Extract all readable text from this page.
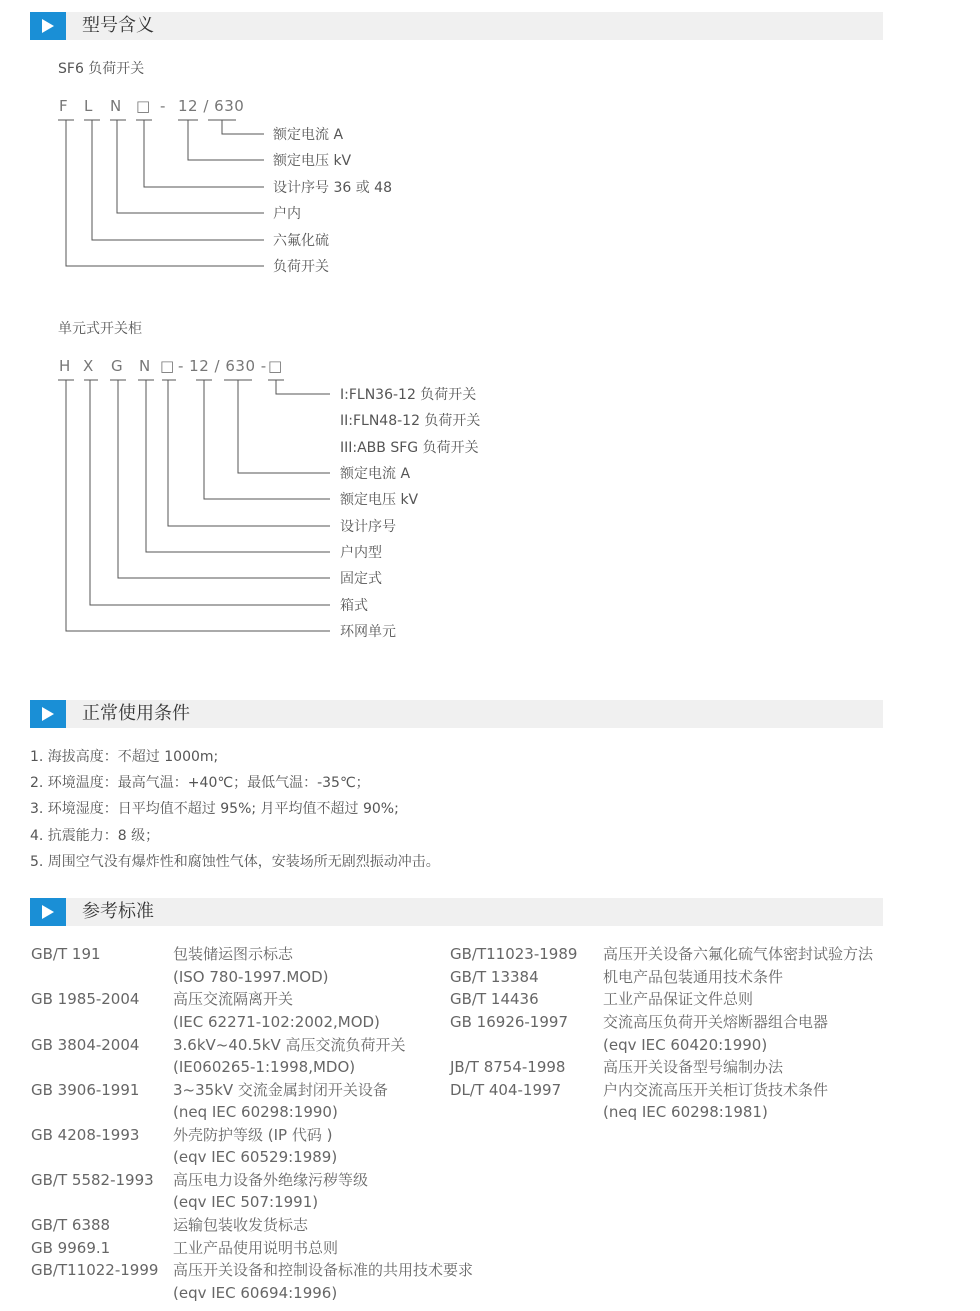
型号含义
SF6 负荷开关
F L N □ - 12 / 630
额定电流 A
额定电压 kV
设计序号 36 或 48
户内
六氟化硫
负荷开关
单元式开关柜
H X G N □ - 12 / 630 - □
I:FLN36-12 负荷开关
II:FLN48-12 负荷开关
III:ABB SFG 负荷开关
额定电流 A
额定电压 kV
设计序号
户内型
固定式
箱式
环网单元
正常使用条件
1. 海拔高度：不超过 1000m;
2. 环境温度：最高气温：+40℃；最低气温：-35℃；
3. 环境湿度：日平均值不超过 95%; 月平均值不超过 90%;
4. 抗震能力：8 级；
5. 周围空气没有爆炸性和腐蚀性气体，安装场所无剧烈振动冲击。
参考标准
GB/T 191	包装储运图示标志
(ISO 780-1997.MOD)
GB 1985-2004 高压交流隔离开关
(IEC 62271-102:2002,MOD)
GB 3804-2004 3.6kV~40.5kV 高压交流负荷开关
(IE060265-1:1998,MDO)
GB 3906-1991 3~35kV 交流金属封闭开关设备
(neq IEC 60298:1990)
GB 4208-1993 外壳防护等级 (IP 代码 )
(eqv IEC 60529:1989)
GB/T 5582-1993 高压电力设备外绝缘污秽等级
(eqv IEC 507:1991)
GB/T 6388	运输包装收发货标志
GB 9969.1	工业产品使用说明书总则
GB/T11022-1999 高压开关设备和控制设备标准的共用技术要求
(eqv IEC 60694:1996)
GB/T11023-1989 高压开关设备六氟化硫气体密封试验方法
GB/T 13384	机电产品包装通用技术条件
GB/T 14436	工业产品保证文件总则
GB 16926-1997 交流高压负荷开关熔断器组合电器
(eqv IEC 60420:1990)
JB/T 8754-1998	高压开关设备型号编制办法
DL/T 404-1997	户内交流高压开关柜订货技术条件
(neq IEC 60298:1981)
